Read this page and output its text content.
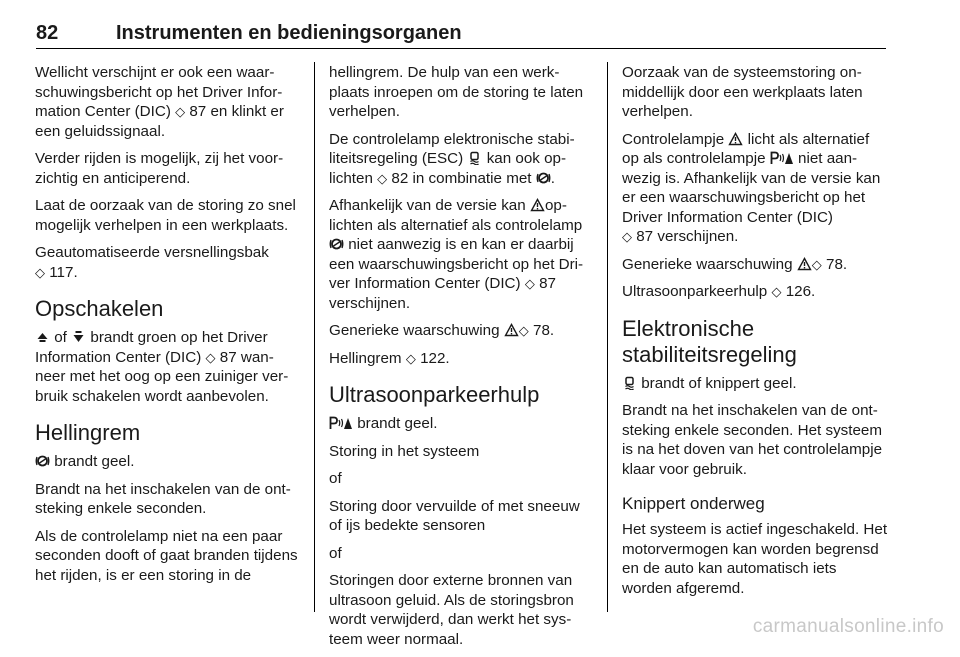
82	Instrumenten en bedieningsorganen

Wellicht verschijnt er ook een waarschuwingsbericht op het Driver Information Center (DIC) ◇ 87 en klinkt er een geluidssignaal.

Verder rijden is mogelijk, zij het voorzichtig en anticiperend.

Laat de oorzaak van de storing zo snel mogelijk verhelpen in een werkplaats.

Geautomatiseerde versnellingsbak
◇ 117.

Opschakelen

of brandt groen op het Driver Information Center (DIC) ◇ 87 wanneer met het oog op een zuiniger verbruik schakelen wordt aanbevolen.

Hellingrem

brandt geel.

Brandt na het inschakelen van de ontsteking enkele seconden.

Als de controlelamp niet na een paar seconden dooft of gaat branden tijdens het rijden, is er een storing in de

hellingrem. De hulp van een werkplaats inroepen om de storing te laten verhelpen.

De controlelamp elektronische stabiliteitsregeling (ESC) kan ook oplichten ◇ 82 in combinatie met .

Afhankelijk van de versie kan oplichten als alternatief als controlelamp  niet aanwezig is en kan er daarbij een waarschuwingsbericht op het Driver Information Center (DIC) ◇ 87 verschijnen.

Generieke waarschuwing ◇ 78.

Hellingrem ◇ 122.

Ultrasoonparkeerhulp

brandt geel.

Storing in het systeem

of

Storing door vervuilde of met sneeuw of ijs bedekte sensoren

of

Storingen door externe bronnen van ultrasoon geluid. Als de storingsbron wordt verwijderd, dan werkt het systeem weer normaal.

Oorzaak van de systeemstoring onmiddellijk door een werkplaats laten verhelpen.

Controlelampje licht als alternatief op als controlelampje niet aanwezig is. Afhankelijk van de versie kan er een waarschuwingsbericht op het Driver Information Center (DIC)
◇ 87 verschijnen.

Generieke waarschuwing ◇ 78.

Ultrasoonparkeerhulp ◇ 126.

Elektronische stabiliteitsregeling

brandt of knippert geel.

Brandt na het inschakelen van de ontsteking enkele seconden. Het systeem is na het doven van het controlelampje klaar voor gebruik.

Knippert onderweg

Het systeem is actief ingeschakeld. Het motorvermogen kan worden begrensd en de auto kan automatisch iets worden afgeremd.

carmanualsonline.info
